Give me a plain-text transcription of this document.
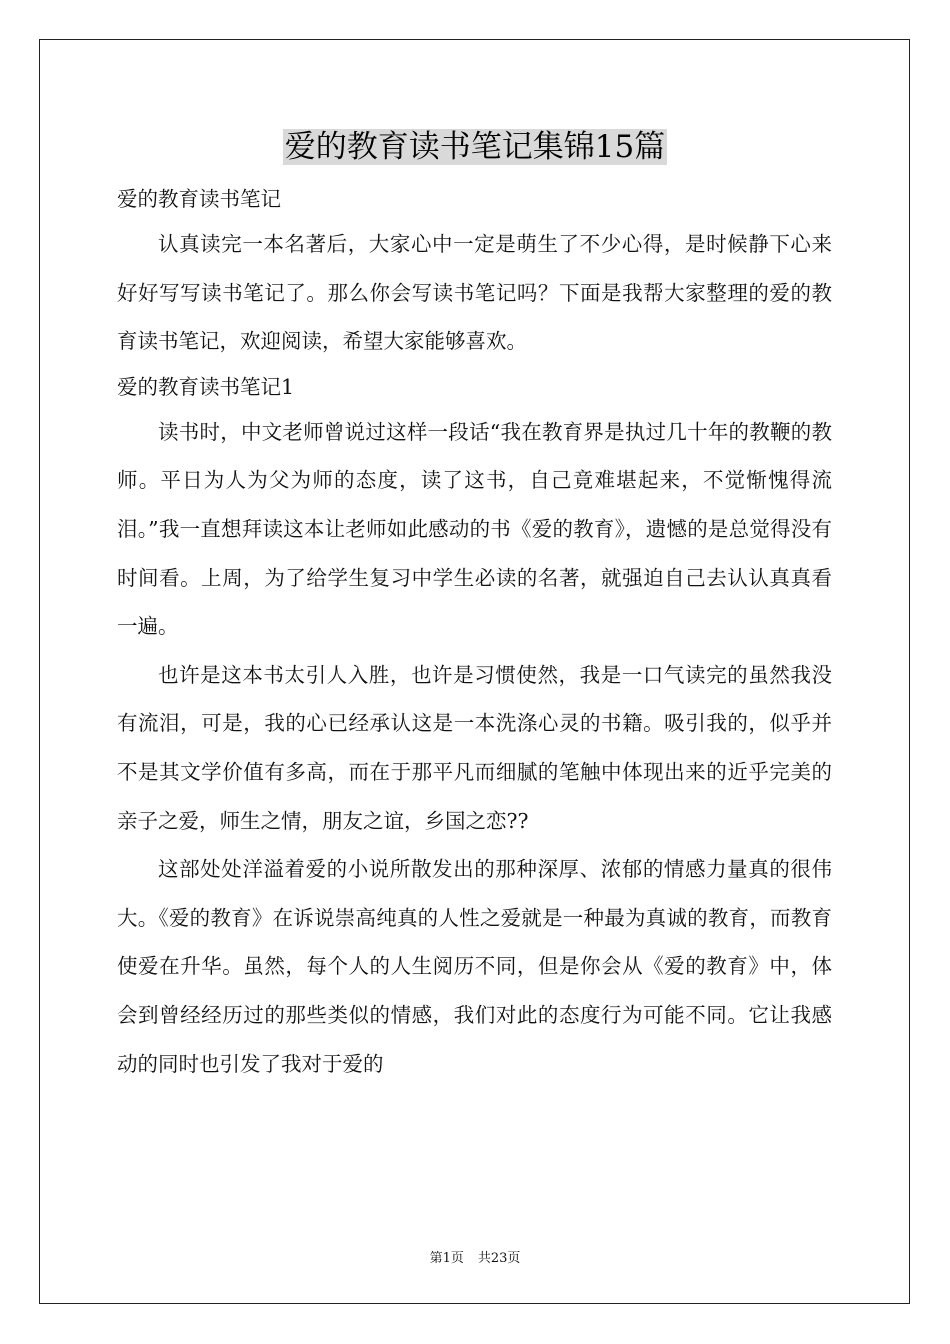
爱的教育读书笔记集锦15篇

爱的教育读书笔记

认真读完一本名著后，大家心中一定是萌生了不少心得，是时候静下心来好好写写读书笔记了。那么你会写读书笔记吗？下面是我帮大家整理的爱的教育读书笔记，欢迎阅读，希望大家能够喜欢。

爱的教育读书笔记1

读书时，中文老师曾说过这样一段话“我在教育界是执过几十年的教鞭的教师。平日为人为父为师的态度，读了这书，自己竟难堪起来，不觉惭愧得流泪。”我一直想拜读这本让老师如此感动的书《爱的教育》，遗憾的是总觉得没有时间看。上周，为了给学生复习中学生必读的名著，就强迫自己去认认真真看一遍。

也许是这本书太引人入胜，也许是习惯使然，我是一口气读完的虽然我没有流泪，可是，我的心已经承认这是一本洗涤心灵的书籍。吸引我的，似乎并不是其文学价值有多高，而在于那平凡而细腻的笔触中体现出来的近乎完美的亲子之爱，师生之情，朋友之谊，乡国之恋??

这部处处洋溢着爱的小说所散发出的那种深厚、浓郁的情感力量真的很伟大。《爱的教育》在诉说崇高纯真的人性之爱就是一种最为真诚的教育，而教育使爱在升华。虽然，每个人的人生阅历不同，但是你会从《爱的教育》中，体会到曾经经历过的那些类似的情感，我们对此的态度行为可能不同。它让我感动的同时也引发了我对于爱的

第1页 共23页
